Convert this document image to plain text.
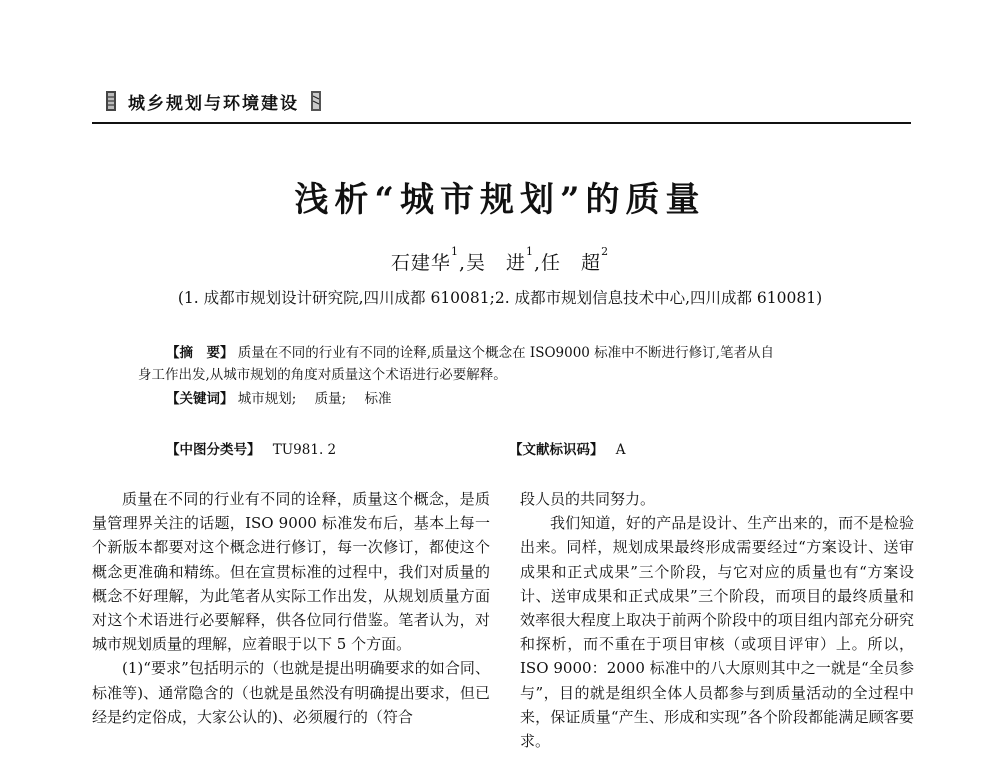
城乡规划与环境建设
浅析“城市规划”的质量
石建华$^1$,吴　进$^1$,任　超$^2$
(1. 成都市规划设计研究院,四川成都 610081;2. 成都市规划信息技术中心,四川成都 610081)
【摘　要】 质量在不同的行业有不同的诠释,质量这个概念在 ISO9000 标准中不断进行修订,笔者从自
身工作出发,从城市规划的角度对质量这个术语进行必要解释。
【关键词】 城市规划; 质量; 标准
【中图分类号】 TU981. 2	【文献标识码】 A

质量在不同的行业有不同的诠释，质量这个概念，是质量管理界关注的话题，ISO 9000 标准发布后，基本上每一个新版本都要对这个概念进行修订，每一次修订，都使这个概念更准确和精练。但在宣贯标准的过程中，我们对质量的概念不好理解，为此笔者从实际工作出发，从规划质量方面对这个术语进行必要解释，供各位同行借鉴。笔者认为，对城市规划质量的理解，应着眼于以下 5 个方面。

(1)“要求”包括明示的（也就是提出明确要求的如合同、标准等)、通常隐含的（也就是虽然没有明确提出要求，但已经是约定俗成，大家公认的)、必须履行的（符合

段人员的共同努力。

我们知道，好的产品是设计、生产出来的，而不是检验出来。同样，规划成果最终形成需要经过“方案设计、送审成果和正式成果”三个阶段，与它对应的质量也有“方案设计、送审成果和正式成果”三个阶段，而项目的最终质量和效率很大程度上取决于前两个阶段中的项目组内部充分研究和探析，而不重在于项目审核（或项目评审）上。所以，ISO 9000：2000 标准中的八大原则其中之一就是“全员参与”，目的就是组织全体人员都参与到质量活动的全过程中来，保证质量“产生、形成和实现”各个阶段都能满足顾客要求。
